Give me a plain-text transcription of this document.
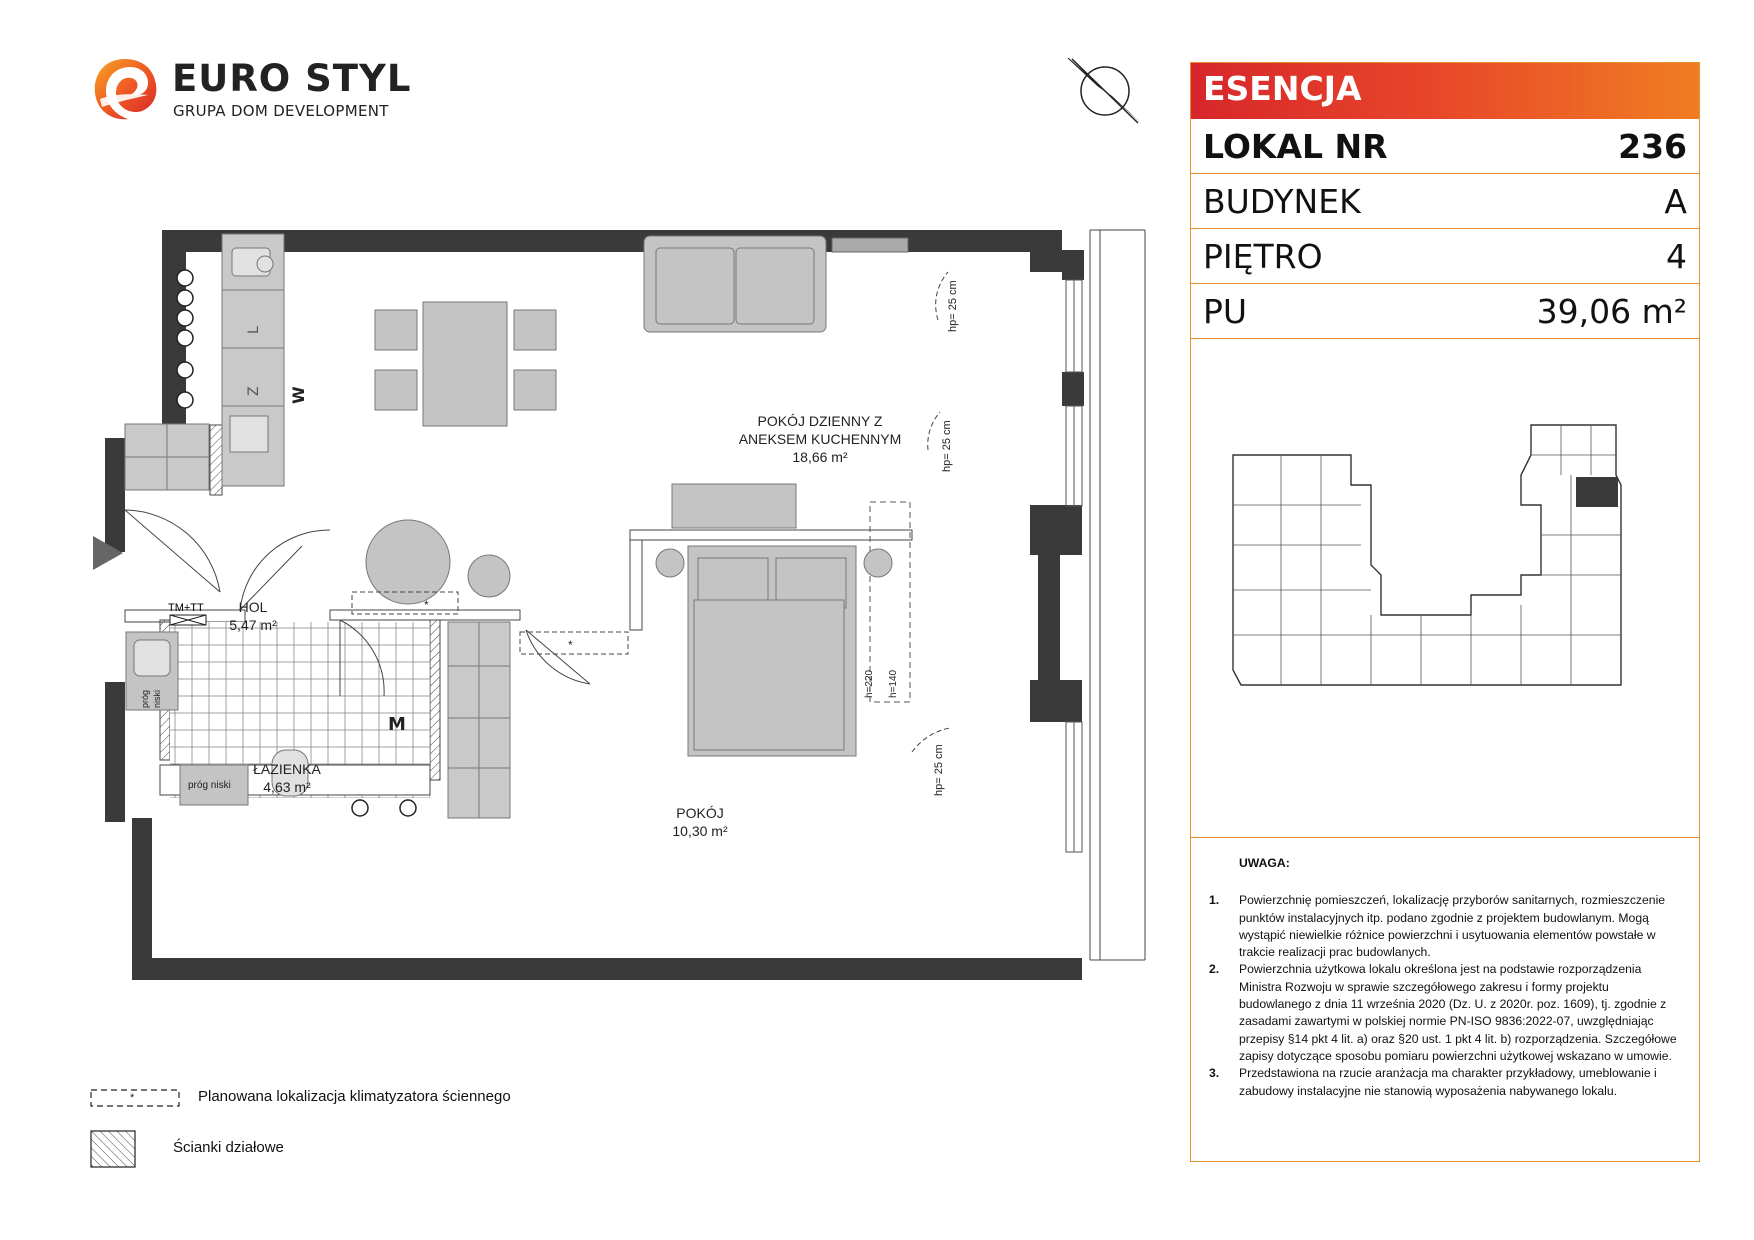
EURO STYL
GRUPA DOM DEVELOPMENT
TM+TT
próg niski
próg niski
hp= 25 cm
hp= 25 cm
hp= 25 cm
h=220 h=140
M
W
L
Z
*
*
POKÓJ DZIENNY Z
ANEKSEM KUCHENNYM
18,66 m²
HOL
5,47 m²
ŁAZIENKA
4,63 m²
POKÓJ
10,30 m²
*	Planowana lokalizacja klimatyzatora ściennego
Ścianki działowe
ESENCJA
LOKAL NR	236
BUDYNEK	A
PIĘTRO	4
PU	39,06 m²
UWAGA:
1. Powierzchnię pomieszczeń, lokalizację przyborów sanitarnych, rozmieszczenie punktów instalacyjnych itp. podano zgodnie z projektem budowlanym. Mogą wystąpić niewielkie różnice powierzchni i usytuowania elementów powstałe w trakcie realizacji prac budowlanych.
2. Powierzchnia użytkowa lokalu określona jest na podstawie rozporządzenia Ministra Rozwoju w sprawie szczegółowego zakresu i formy projektu budowlanego z dnia 11 września 2020 (Dz. U. z 2020r. poz. 1609), tj. zgodnie z zasadami zawartymi w polskiej normie PN-ISO 9836:2022-07, uwzględniając przepisy §14 pkt 4 lit. a) oraz §20 ust. 1 pkt 4 lit. b) rozporządzenia. Szczegółowe zapisy dotyczące sposobu pomiaru powierzchni użytkowej wskazano w umowie.
3. Przedstawiona na rzucie aranżacja ma charakter przykładowy, umeblowanie i zabudowy instalacyjne nie stanowią wyposażenia nabywanego lokalu.
